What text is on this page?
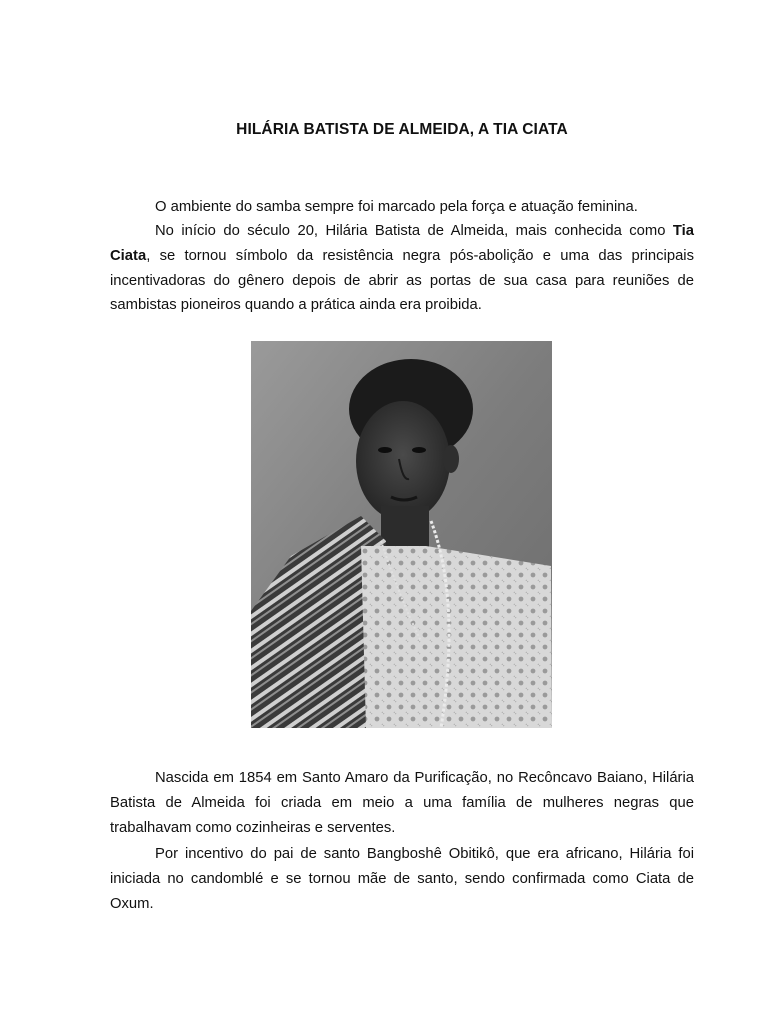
HILÁRIA BATISTA DE ALMEIDA, A TIA CIATA

O ambiente do samba sempre foi marcado pela força e atuação feminina.

No início do século 20, Hilária Batista de Almeida, mais conhecida como Tia Ciata, se tornou símbolo da resistência negra pós-abolição e uma das principais incentivadoras do gênero depois de abrir as portas de sua casa para reuniões de sambistas pioneiros quando a prática ainda era proibida.

Nascida em 1854 em Santo Amaro da Purificação, no Recôncavo Baiano, Hilária Batista de Almeida foi criada em meio a uma família de mulheres negras que trabalhavam como cozinheiras e serventes.

Por incentivo do pai de santo Bangboshê Obitikô, que era africano, Hilária foi iniciada no candomblé e se tornou mãe de santo, sendo confirmada como Ciata de Oxum.
